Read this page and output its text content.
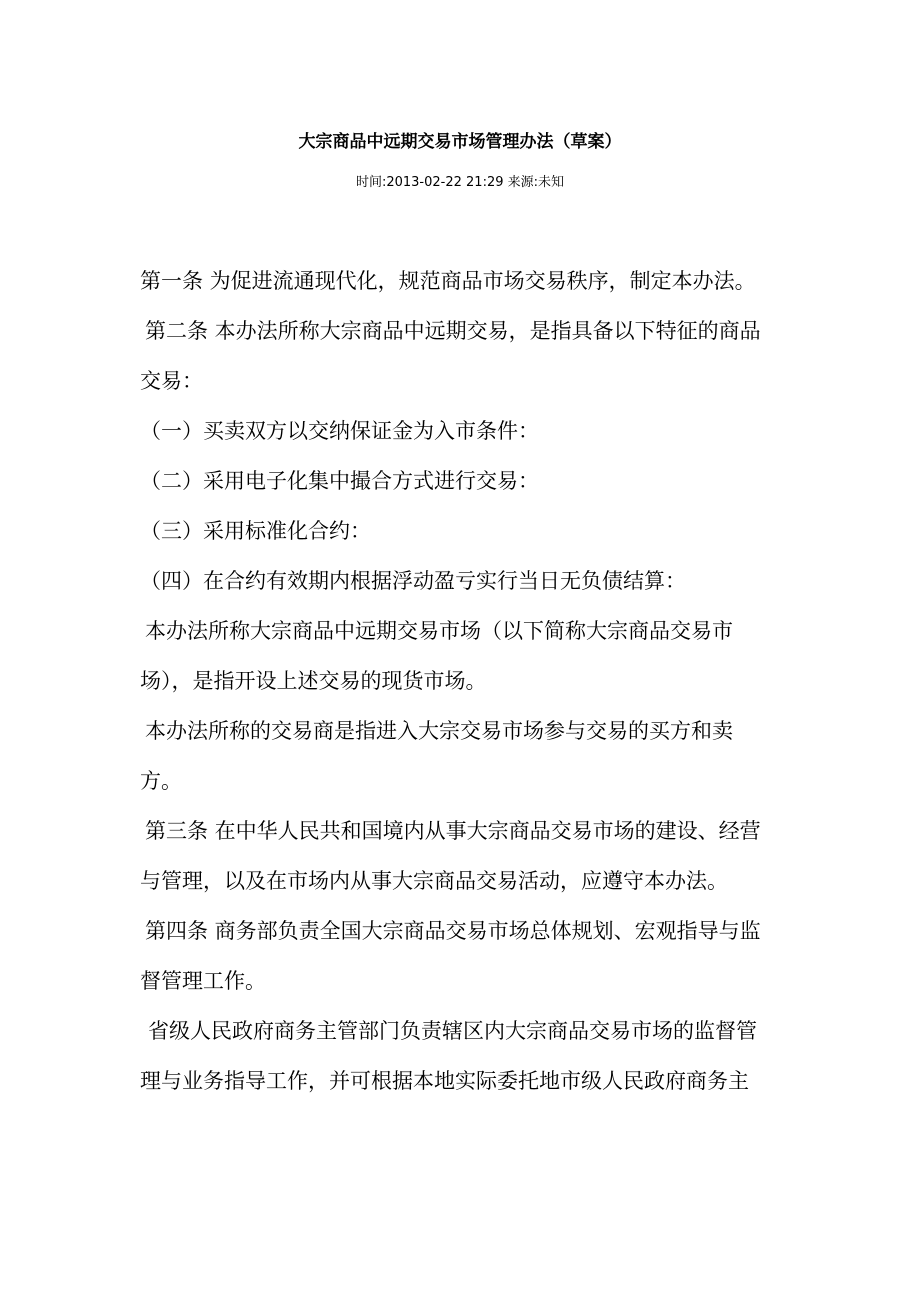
大宗商品中远期交易市场管理办法（草案）
时间:2013-02-22 21:29 来源:未知
第一条 为促进流通现代化，规范商品市场交易秩序，制定本办法。
第二条 本办法所称大宗商品中远期交易，是指具备以下特征的商品
交易：
（一）买卖双方以交纳保证金为入市条件：
（二）采用电子化集中撮合方式进行交易：
（三）采用标准化合约：
（四）在合约有效期内根据浮动盈亏实行当日无负债结算：
本办法所称大宗商品中远期交易市场（以下简称大宗商品交易市
场），是指开设上述交易的现货市场。
本办法所称的交易商是指进入大宗交易市场参与交易的买方和卖
方。
第三条 在中华人民共和国境内从事大宗商品交易市场的建设、经营
与管理，以及在市场内从事大宗商品交易活动，应遵守本办法。
第四条 商务部负责全国大宗商品交易市场总体规划、宏观指导与监
督管理工作。
省级人民政府商务主管部门负责辖区内大宗商品交易市场的监督管
理与业务指导工作，并可根据本地实际委托地市级人民政府商务主
